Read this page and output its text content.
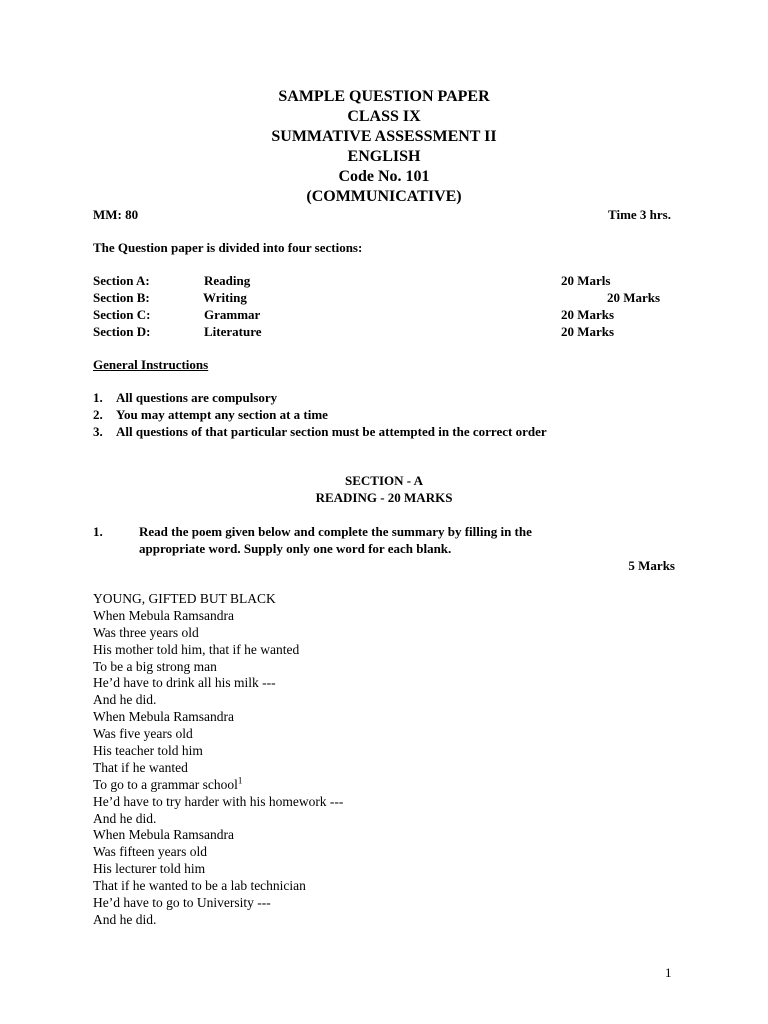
SAMPLE QUESTION PAPER
CLASS IX
SUMMATIVE ASSESSMENT II
ENGLISH
Code No. 101
(COMMUNICATIVE)
MM: 80	Time 3 hrs.
The Question paper is divided into four sections:
Section A:	Reading	20 Marls
Section B:	Writing	20 Marks
Section C:	Grammar	20 Marks
Section D:	Literature	20 Marks
General Instructions
1. All questions are compulsory
2. You may attempt any section at a time
3. All questions of that particular section must be attempted in the correct order
SECTION - A
READING - 20 MARKS
1.	Read the poem given below and complete the summary by filling in the
appropriate word. Supply only one word for each blank.
5 Marks
YOUNG, GIFTED BUT BLACK
When Mebula Ramsandra
Was three years old
His mother told him, that if he wanted
To be a big strong man
He’d have to drink all his milk ---
And he did.
When Mebula Ramsandra
Was five years old
His teacher told him
That if he wanted
To go to a grammar school$^1$
He’d have to try harder with his homework ---
And he did.
When Mebula Ramsandra
Was fifteen years old
His lecturer told him
That if he wanted to be a lab technician
He’d have to go to University ---
And he did.
1
